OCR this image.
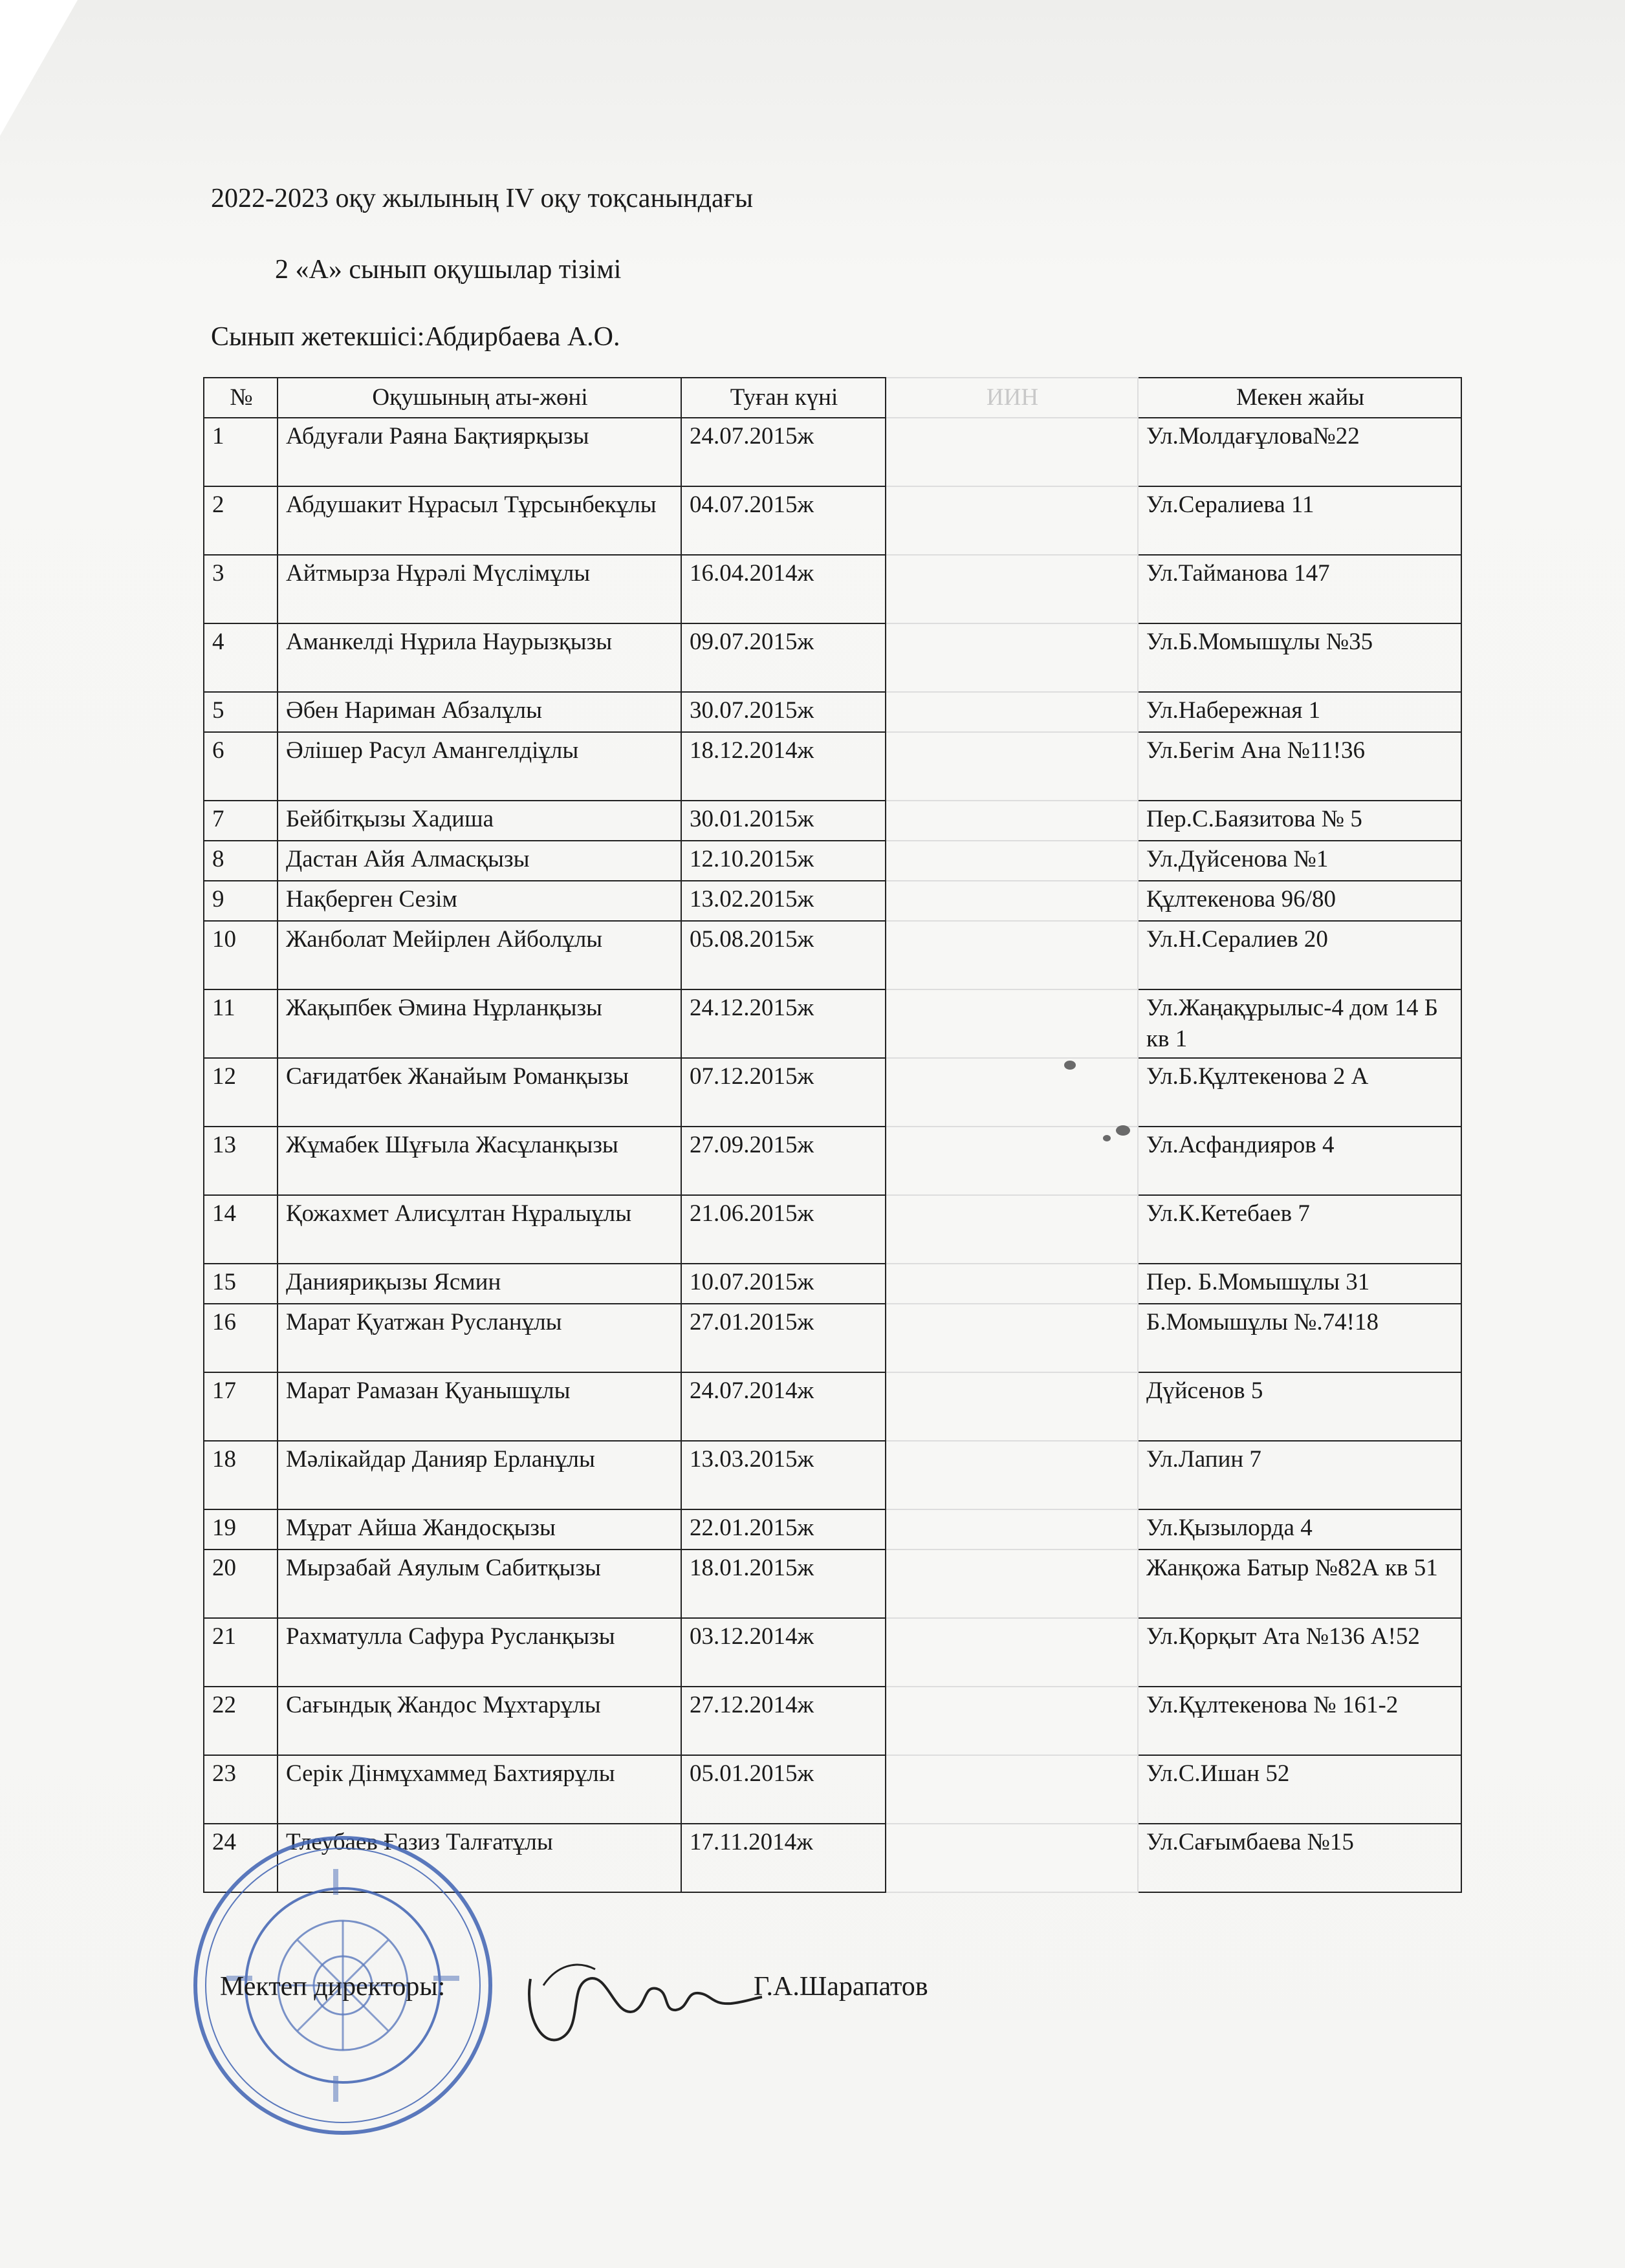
2022-2023 оқу жылының IV оқу тоқсанындағы
2 «А» сынып оқушылар тізімі
Сынып жетекшісі:Абдирбаева А.О.
№	Оқушының аты-жөні	Туған күні	ИИН	Мекен жайы
1	Абдуғали Раяна Бақтиярқызы	24.07.2015ж		Ул.Молдағұлова№22
2	Абдушакит Нұрасыл Тұрсынбекұлы	04.07.2015ж		Ул.Сералиева 11
3	Айтмырза Нұрәлі Мүслімұлы	16.04.2014ж		Ул.Тайманова 147
4	Аманкелді Нұрила Наурызқызы	09.07.2015ж		Ул.Б.Момышұлы №35
5	Әбен Нариман Абзалұлы	30.07.2015ж		Ул.Набережная 1
6	Әлішер Расул Амангелдіұлы	18.12.2014ж		Ул.Бегім Ана №11!36
7	Бейбітқызы Хадиша	30.01.2015ж		Пер.С.Баязитова № 5
8	Дастан Айя Алмасқызы	12.10.2015ж		Ул.Дүйсенова №1
9	Нақберген Сезім	13.02.2015ж		Құлтекенова 96/80
10	Жанболат Мейірлен Айболұлы	05.08.2015ж		Ул.Н.Сералиев 20
11	Жақыпбек Әмина Нұрланқызы	24.12.2015ж		Ул.Жаңақұрылыс-4 дом 14 Б кв 1
12	Сағидатбек Жанайым Романқызы	07.12.2015ж		Ул.Б.Құлтекенова 2 А
13	Жұмабек Шұғыла Жасұланқызы	27.09.2015ж		Ул.Асфандияров 4
14	Қожахмет Алисұлтан Нұралыұлы	21.06.2015ж		Ул.К.Кетебаев 7
15	Данияриқызы Ясмин	10.07.2015ж		Пер. Б.Момышұлы 31
16	Марат Қуатжан Русланұлы	27.01.2015ж		Б.Момышұлы №.74!18
17	Марат Рамазан Қуанышұлы	24.07.2014ж		Дүйсенов 5
18	Мәлікайдар Данияр Ерланұлы	13.03.2015ж		Ул.Лапин 7
19	Мұрат Айша Жандосқызы	22.01.2015ж		Ул.Қызылорда 4
20	Мырзабай Аяулым Сабитқызы	18.01.2015ж		Жанқожа Батыр №82А кв 51
21	Рахматулла Сафура Русланқызы	03.12.2014ж		Ул.Қорқыт Ата №136 А!52
22	Сағындық Жандос Мұхтарұлы	27.12.2014ж		Ул.Құлтекенова № 161-2
23	Серік Дінмұхаммед Бахтиярұлы	05.01.2015ж		Ул.С.Ишан 52
24	Тлеубаев Ғазиз Талғатұлы	17.11.2014ж		Ул.Сағымбаева №15
Мектеп директоры:	Г.А.Шарапатов
